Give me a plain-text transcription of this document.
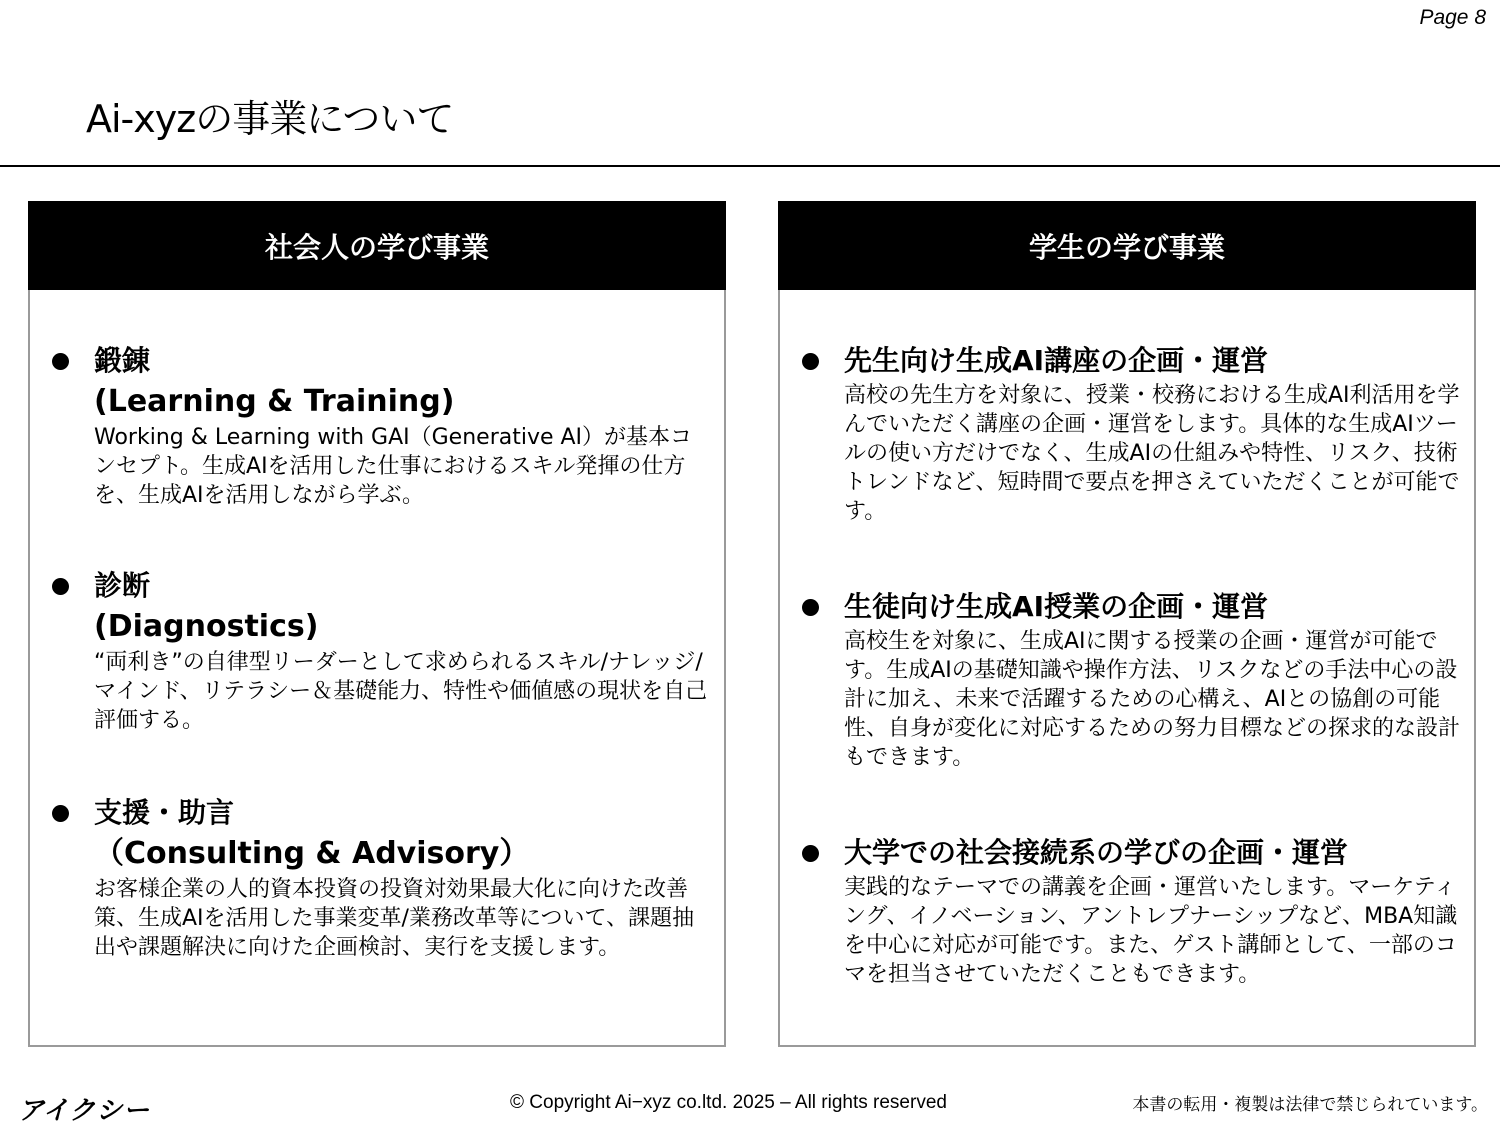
Page 8
Ai-xyzの事業について
社会人の学び事業
鍛錬
(Learning & Training)
Working & Learning with GAI（Generative AI）が基本コンセプト。生成AIを活用した仕事におけるスキル発揮の仕方を、生成AIを活用しながら学ぶ。
診断
(Diagnostics)
“両利き”の自律型リーダーとして求められるスキル/ナレッジ/マインド、リテラシー＆基礎能力、特性や価値感の現状を自己評価する。
支援・助言
（Consulting & Advisory）
お客様企業の人的資本投資の投資対効果最大化に向けた改善策、生成AIを活用した事業変革/業務改革等について、課題抽出や課題解決に向けた企画検討、実行を支援します。
学生の学び事業
先生向け生成AI講座の企画・運営
高校の先生方を対象に、授業・校務における生成AI利活用を学んでいただく講座の企画・運営をします。具体的な生成AIツールの使い方だけでなく、生成AIの仕組みや特性、リスク、技術トレンドなど、短時間で要点を押さえていただくことが可能です。
生徒向け生成AI授業の企画・運営
高校生を対象に、生成AIに関する授業の企画・運営が可能です。生成AIの基礎知識や操作方法、リスクなどの手法中心の設計に加え、未来で活躍するための心構え、AIとの協創の可能性、自身が変化に対応するための努力目標などの探求的な設計もできます。
大学での社会接続系の学びの企画・運営
実践的なテーマでの講義を企画・運営いたします。マーケティング、イノベーション、アントレプナーシップなど、MBA知識を中心に対応が可能です。また、ゲスト講師として、一部のコマを担当させていただくこともできます。
アイクシー	© Copyright Ai−xyz co.ltd. 2025 – All rights reserved	本書の転用・複製は法律で禁じられています。
